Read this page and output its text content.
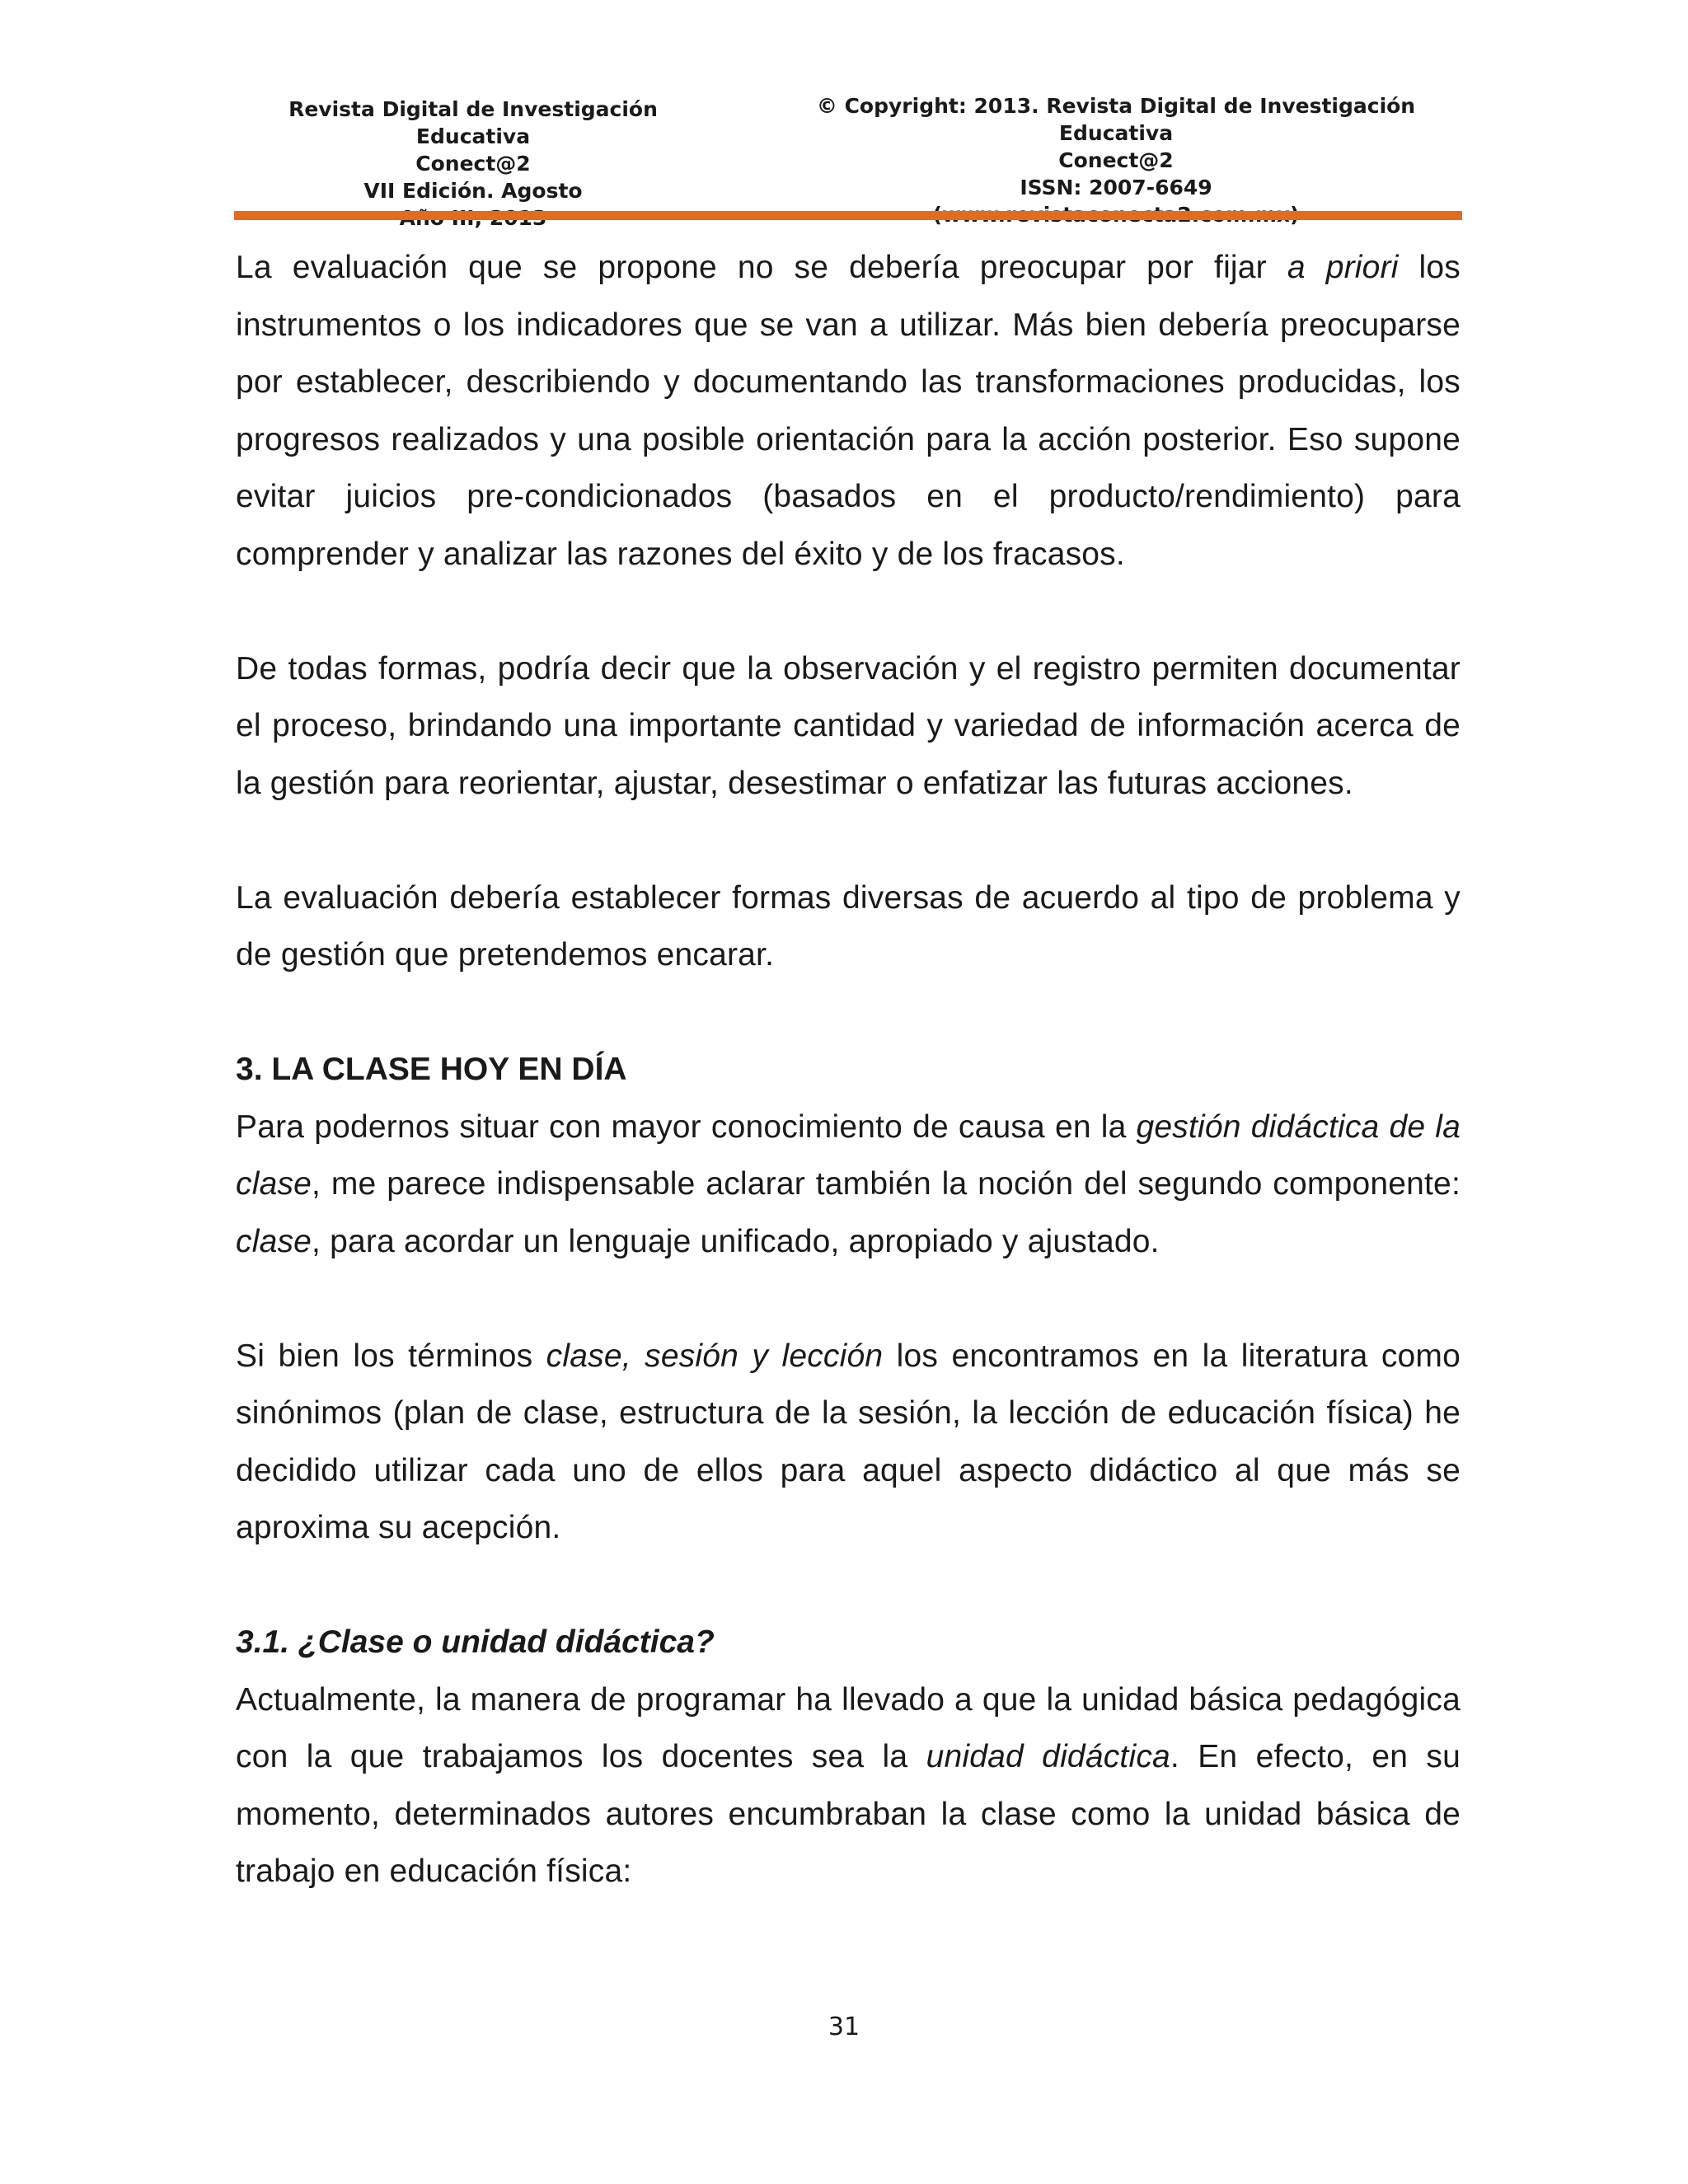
Revista Digital de Investigación Educativa
Conect@2
VII Edición. Agosto
© Copyright: 2013. Revista Digital de Investigación Educativa
Conect@2
ISSN: 2007-6649

La evaluación que se propone no se debería preocupar por fijar a priori los instrumentos o los indicadores que se van a utilizar. Más bien debería preocuparse por establecer, describiendo y documentando las transformaciones producidas, los progresos realizados y una posible orientación para la acción posterior. Eso supone evitar juicios pre-condicionados (basados en el producto/rendimiento) para comprender y analizar las razones del éxito y de los fracasos.

De todas formas, podría decir que la observación y el registro permiten documentar el proceso, brindando una importante cantidad y variedad de información acerca de la gestión para reorientar, ajustar, desestimar o enfatizar las futuras acciones.

La evaluación debería establecer formas diversas de acuerdo al tipo de problema y de gestión que pretendemos encarar.

3. LA CLASE HOY EN DÍA

Para podernos situar con mayor conocimiento de causa en la gestión didáctica de la clase, me parece indispensable aclarar también la noción del segundo componente: clase, para acordar un lenguaje unificado, apropiado y ajustado.

Si bien los términos clase, sesión y lección los encontramos en la literatura como sinónimos (plan de clase, estructura de la sesión, la lección de educación física) he decidido utilizar cada uno de ellos para aquel aspecto didáctico al que más se aproxima su acepción.

3.1. ¿Clase o unidad didáctica?

Actualmente, la manera de programar ha llevado a que la unidad básica pedagógica con la que trabajamos los docentes sea la unidad didáctica. En efecto, en su momento, determinados autores encumbraban la clase como la unidad básica de trabajo en educación física:

31
